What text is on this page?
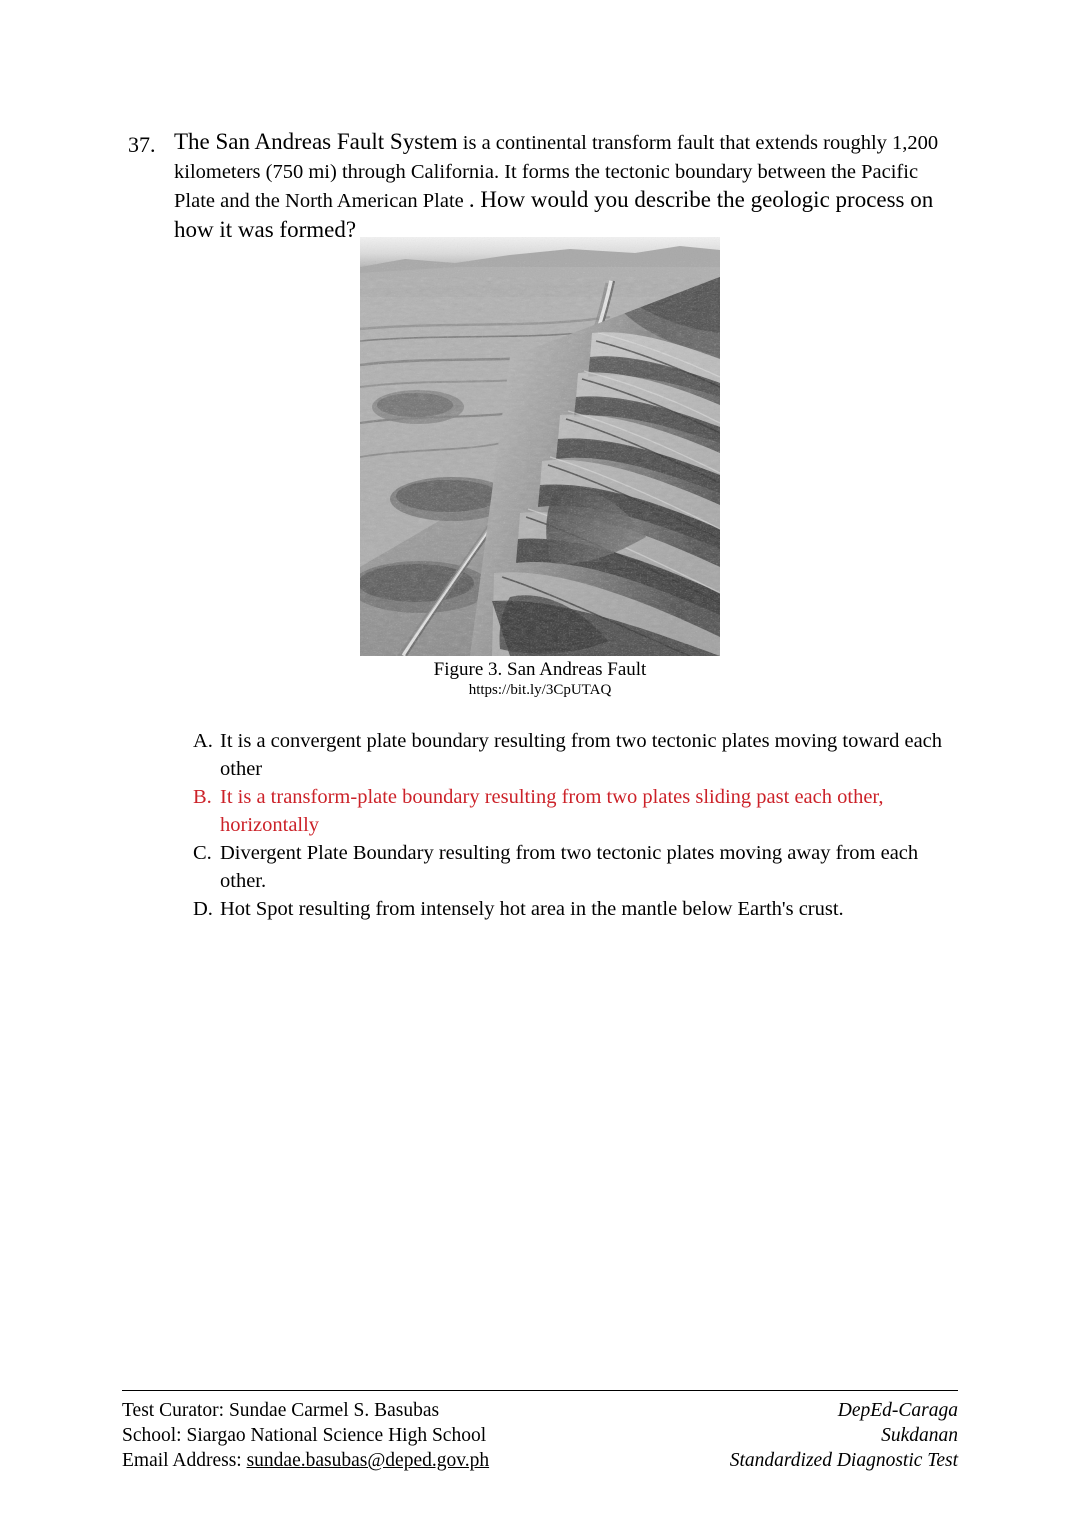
37. The San Andreas Fault System is a continental transform fault that extends roughly 1,200 kilometers (750 mi) through California. It forms the tectonic boundary between the Pacific Plate and the North American Plate . How would you describe the geologic process on how it was formed?
Figure 3. San Andreas Fault
https://bit.ly/3CpUTAQ
A. It is a convergent plate boundary resulting from two tectonic plates moving toward each other
B. It is a transform-plate boundary resulting from two plates sliding past each other, horizontally
C. Divergent Plate Boundary resulting from two tectonic plates moving away from each other.
D. Hot Spot resulting from intensely hot area in the mantle below Earth's crust.
Test Curator: Sundae Carmel S. Basubas
School: Siargao National Science High School
Email Address: sundae.basubas@deped.gov.ph
DepEd-Caraga
Sukdanan
Standardized Diagnostic Test
